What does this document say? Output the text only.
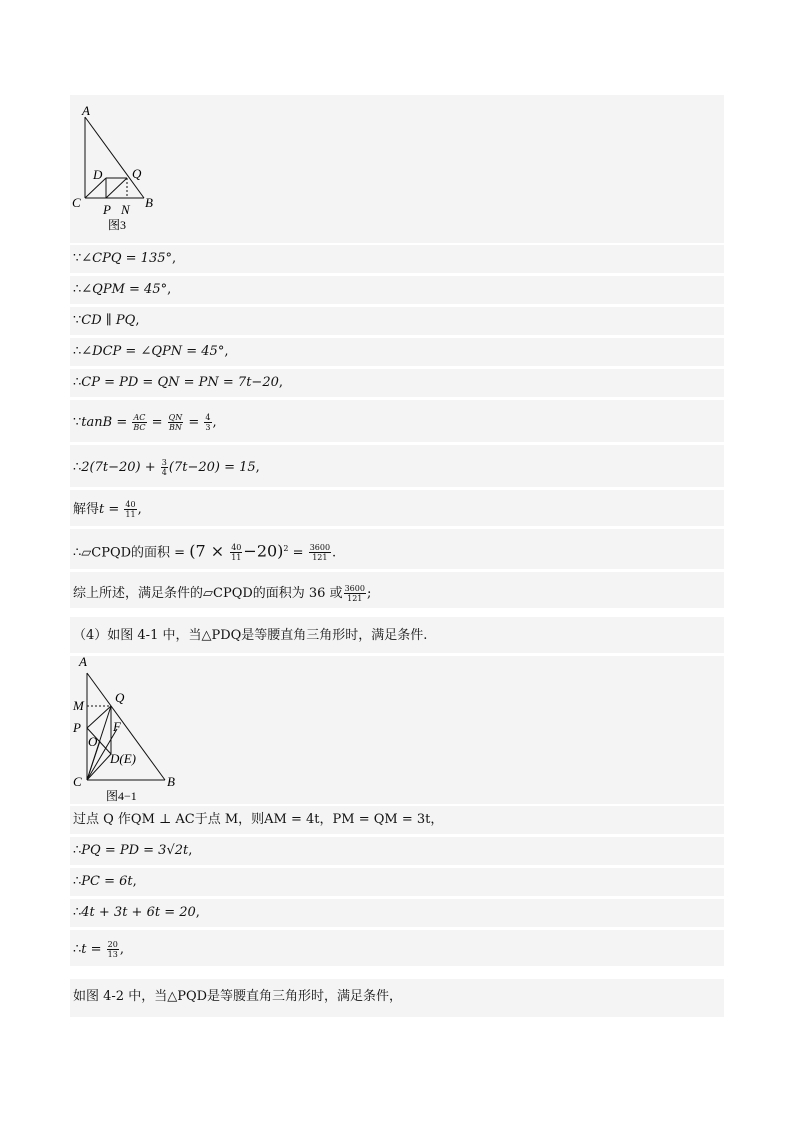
A
C
D Q
P N B
图3
∵∠CPQ = 135°,
∴∠QPM = 45°,
∵CD ∥ PQ,
∴∠DCP = ∠QPN = 45°,
∴CP = PD = QN = PN = 7t−20,
∵tanB = $\frac{AC}{BC} = \frac{QN}{BN} = \frac{4}{3}$ ,
∴2(7t−20) + $\frac{3}{4} (7t-20) = 15$,
解得$t = \frac{40}{11}$ ,
∴▱CPQD的面积 = $(7 \times \frac{40}{11} -20)^2 = \frac{3600}{121}$ .
综上所述，满足条件的▱CPQD的面积为 36 或 $\frac{3600}{121}$ ;
（4）如图 4-1 中，当△PDQ是等腰直角三角形时，满足条件.
A
Q
M
P F
O
D(E)
C	B
图4−1
过点 Q 作QM ⊥ AC于点 M，则AM = 4t，PM = QM = 3t，
∴PQ = PD = 3√2t,
∴PC = 6t,
∴4t + 3t + 6t = 20,
∴t = $\frac{20}{13}$ ,
如图 4-2 中，当△PQD是等腰直角三角形时，满足条件，
